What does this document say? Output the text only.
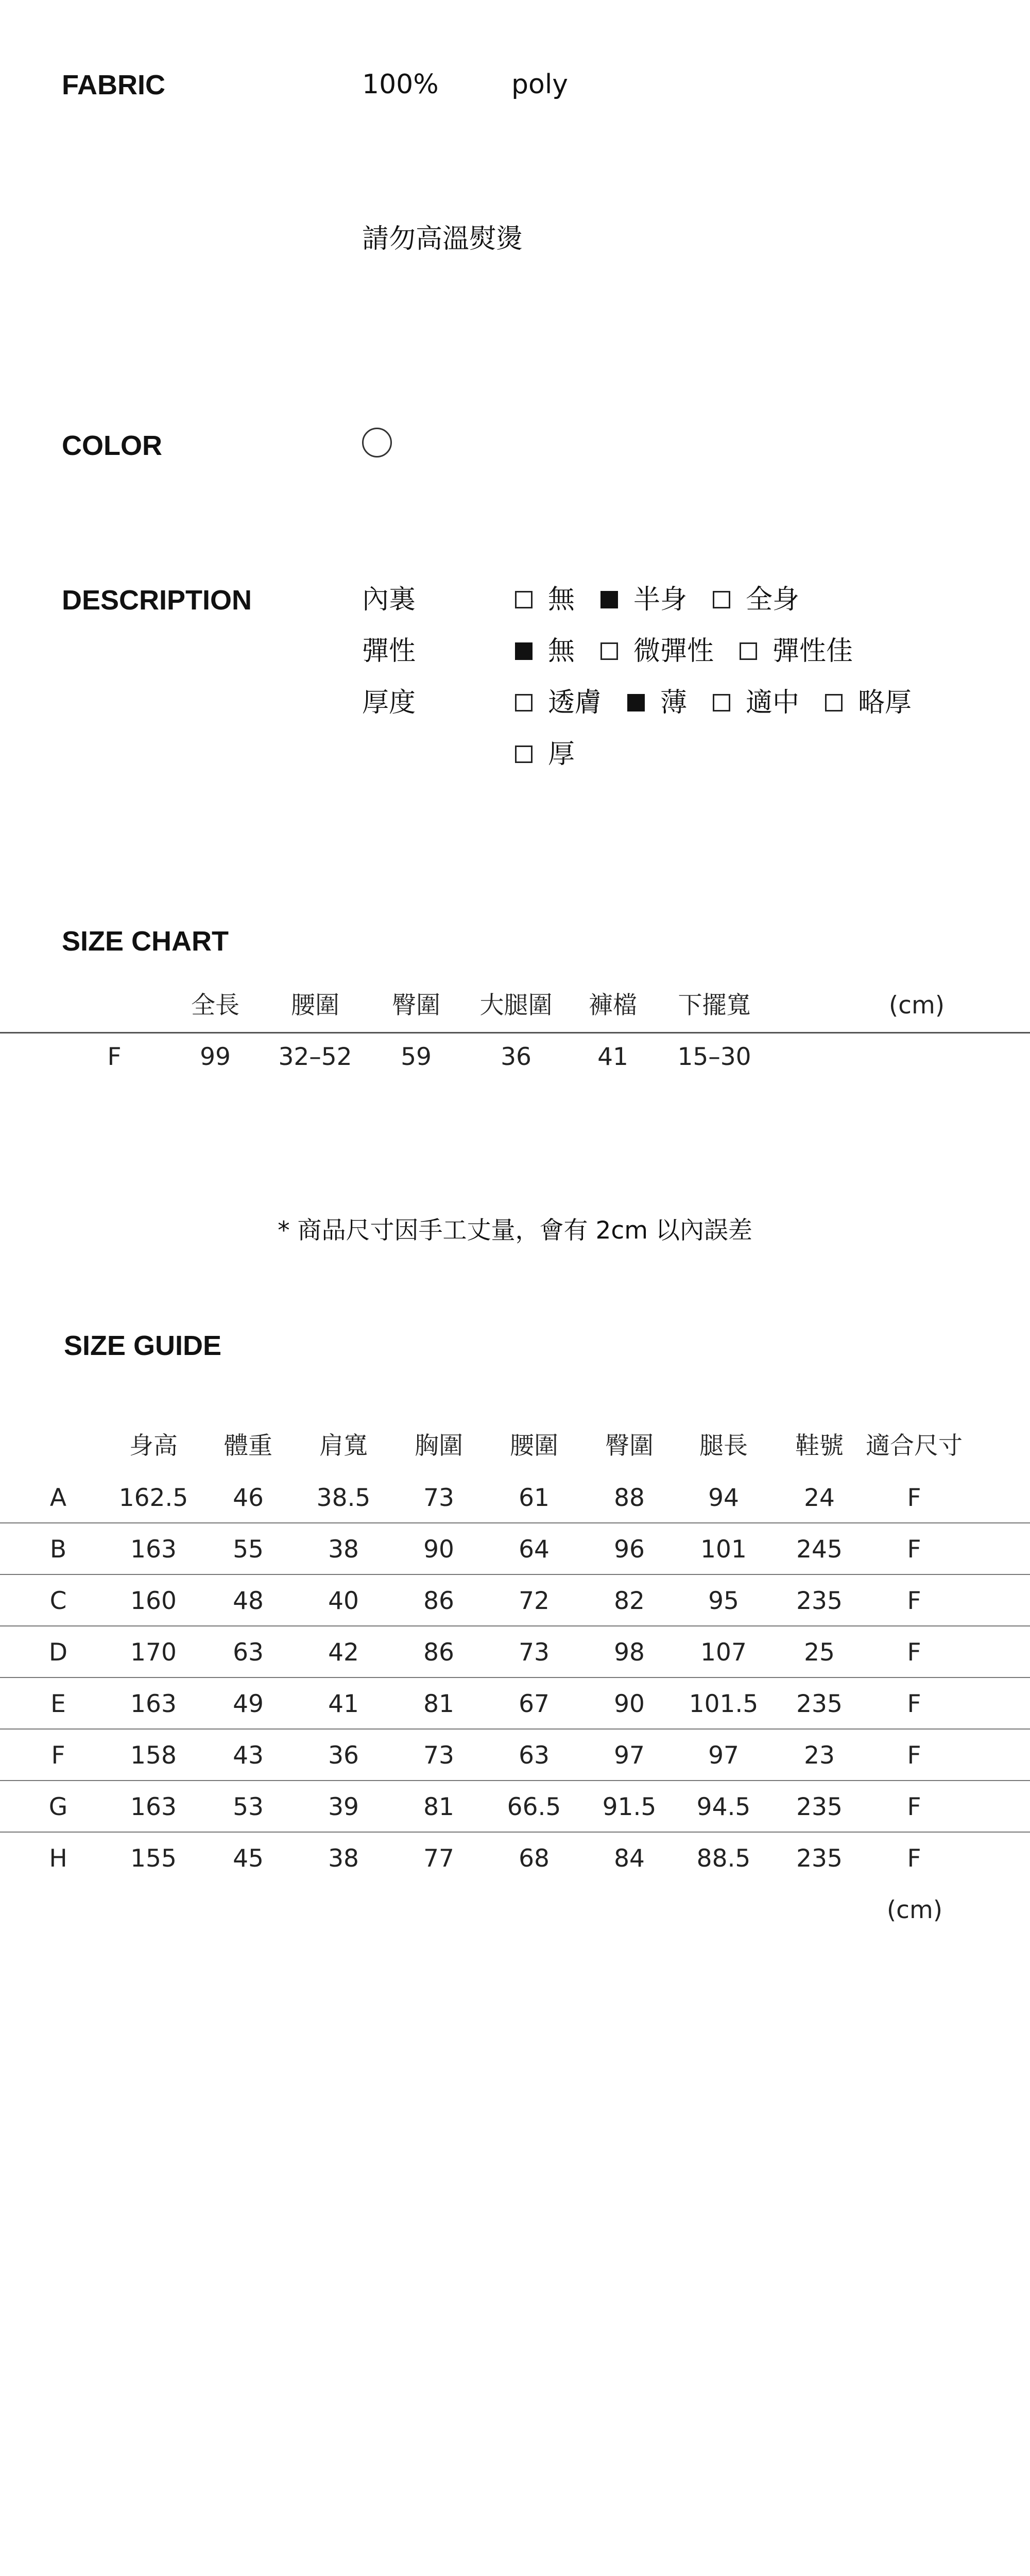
FABRIC	100%	poly
請勿高溫熨燙
COLOR
DESCRIPTION	內裏	無 半身 全身
彈性	無 微彈性 彈性佳
厚度	透膚 薄 適中 略厚
厚
SIZE CHART
全長 腰圍 臀圍 大腿圍 褲檔 下擺寬	(cm)
F	99 32–52 59	36	41 15–30
* 商品尺寸因手工丈量，會有 2cm 以內誤差
SIZE GUIDE
身高 體重 肩寬 胸圍 腰圍 臀圍 腿長 鞋號 適合尺寸
A 162.5 46 38.5 73	61	88	94	24	F
B	163 55	38	90	64	96 101 245	F
C	160 48	40	86	72	82	95 235	F
D	170 63	42	86	73	98 107 25	F
E	163 49	41	81	67	90 101.5 235	F
F	158 43	36	73	63	97	97	23	F
G	163 53	39	81 66.5 91.5 94.5 235	F
H	155 45	38	77	68	84 88.5 235	F
(cm)
